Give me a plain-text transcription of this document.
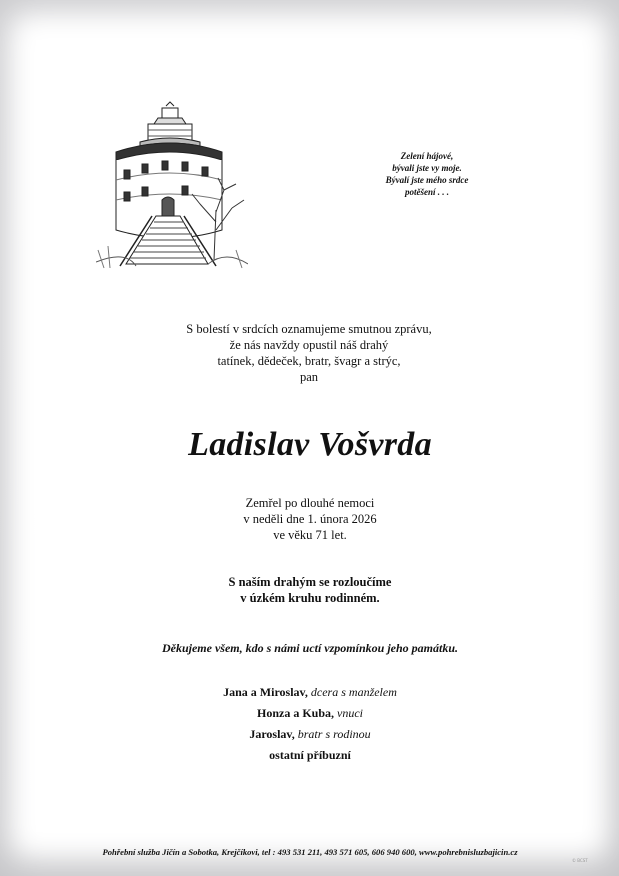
Zelení hájové,
bývali jste vy moje.
Bývalí jste mého srdce
potěšení . . .
S bolestí v srdcích oznamujeme smutnou zprávu,
že nás navždy opustil náš drahý
tatínek, dědeček, bratr, švagr a strýc,
pan
Ladislav Vošvrda
Zemřel po dlouhé nemoci
v neděli dne 1. února 2026
ve věku 71 let.
S naším drahým se rozloučíme
v úzkém kruhu rodinném.
Děkujeme všem, kdo s námi uctí vzpomínkou jeho památku.
Jana a Miroslav, dcera s manželem
Honza a Kuba, vnuci
Jaroslav, bratr s rodinou
ostatní příbuzní
Pohřební služba Jičín a Sobotka, Krejčíkovi, tel : 493 531 211, 493 571 605, 606 940 600, www.pohrebnisluzbajicin.cz
© BCST
